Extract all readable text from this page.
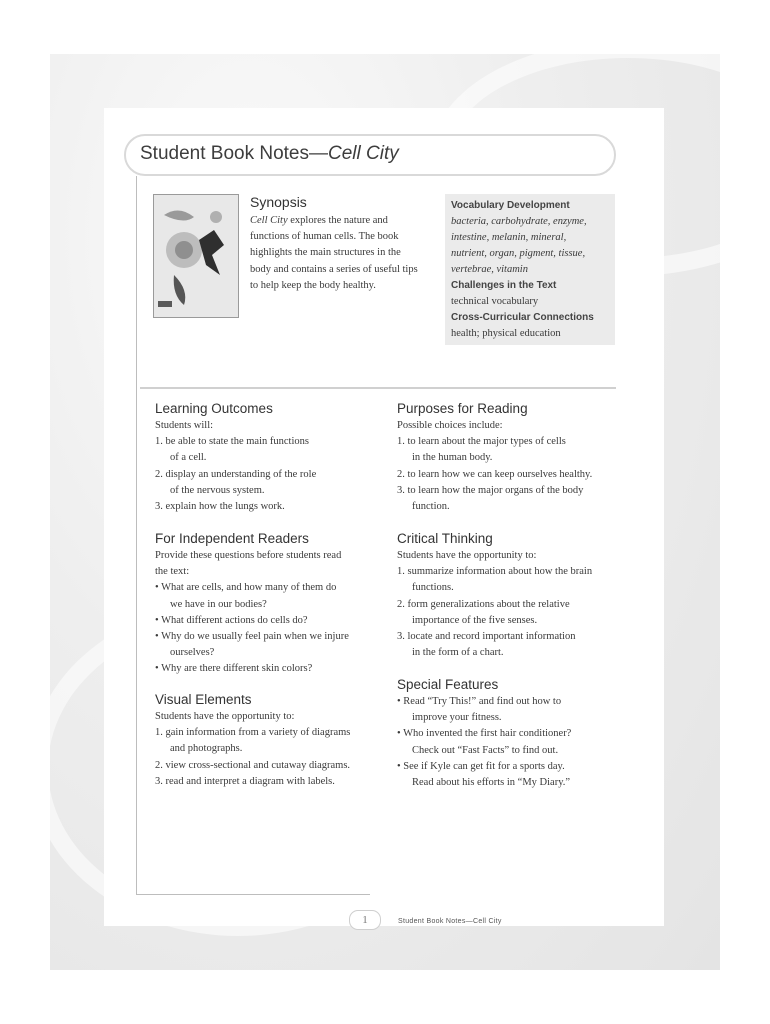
Student Book Notes—Cell City
Synopsis
Cell City explores the nature and
functions of human cells. The book
highlights the main structures in the
body and contains a series of useful tips
to help keep the body healthy.
Vocabulary Development
bacteria, carbohydrate, enzyme,
intestine, melanin, mineral,
nutrient, organ, pigment, tissue,
vertebrae, vitamin
Challenges in the Text
technical vocabulary
Cross-Curricular Connections
health; physical education
Learning Outcomes
Students will:
1. be able to state the main functions
of a cell.
2. display an understanding of the role
of the nervous system.
3. explain how the lungs work.
Purposes for Reading
Possible choices include:
1. to learn about the major types of cells
in the human body.
2. to learn how we can keep ourselves healthy.
3. to learn how the major organs of the body
function.
For Independent Readers
Provide these questions before students read
the text:
• What are cells, and how many of them do
we have in our bodies?
• What different actions do cells do?
• Why do we usually feel pain when we injure
ourselves?
• Why are there different skin colors?
Critical Thinking
Students have the opportunity to:
1. summarize information about how the brain
functions.
2. form generalizations about the relative
importance of the five senses.
3. locate and record important information
in the form of a chart.
Visual Elements
Students have the opportunity to:
1. gain information from a variety of diagrams
and photographs.
2. view cross-sectional and cutaway diagrams.
3. read and interpret a diagram with labels.
Special Features
• Read “Try This!” and find out how to
improve your fitness.
• Who invented the first hair conditioner?
Check out “Fast Facts” to find out.
• See if Kyle can get fit for a sports day.
Read about his efforts in “My Diary.”
1	Student Book Notes—Cell City
